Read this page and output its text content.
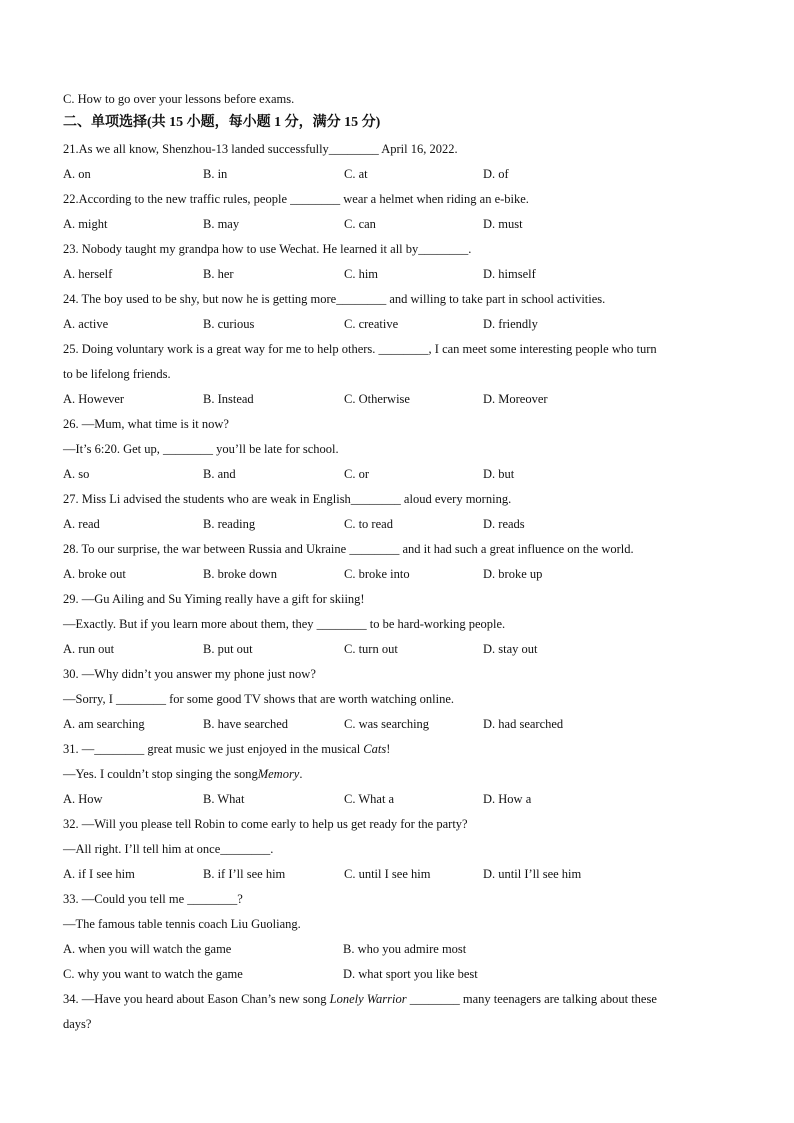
C. How to go over your lessons before exams.
二、单项选择(共 15 小题，每小题 1 分，满分 15 分)
21.As we all know, Shenzhou-13 landed successfully________ April 16, 2022.
A. on	B. in	C. at	D. of
22.According to the new traffic rules, people ________ wear a helmet when riding an e-bike.
A. might	B. may	C. can	D. must
23. Nobody taught my grandpa how to use Wechat. He learned it all by________.
A. herself	B. her	C. him	D. himself
24. The boy used to be shy, but now he is getting more________ and willing to take part in school activities.
A. active	B. curious	C. creative	D. friendly
25. Doing voluntary work is a great way for me to help others. ________, I can meet some interesting people who turn
to be lifelong friends.
A. However	B. Instead	C. Otherwise	D. Moreover
26. —Mum, what time is it now?
—It’s 6:20. Get up, ________ you’ll be late for school.
A. so	B. and	C. or	D. but
27. Miss Li advised the students who are weak in English________ aloud every morning.
A. read	B. reading	C. to read	D. reads
28. To our surprise, the war between Russia and Ukraine ________ and it had such a great influence on the world.
A. broke out	B. broke down	C. broke into	D. broke up
29. —Gu Ailing and Su Yiming really have a gift for skiing!
—Exactly. But if you learn more about them, they ________ to be hard-working people.
A. run out	B. put out	C. turn out	D. stay out
30. —Why didn’t you answer my phone just now?
—Sorry, I ________ for some good TV shows that are worth watching online.
A. am searching	B. have searched	C. was searching	D. had searched
31. —________ great music we just enjoyed in the musical Cats!
—Yes. I couldn’t stop singing the songMemory.
A. How	B. What	C. What a	D. How a
32. —Will you please tell Robin to come early to help us get ready for the party?
—All right. I’ll tell him at once________.
A. if I see him	B. if I’ll see him	C. until I see him	D. until I’ll see him
33. —Could you tell me ________?
—The famous table tennis coach Liu Guoliang.
A. when you will watch the game	B. who you admire most
C. why you want to watch the game	D. what sport you like best
34. —Have you heard about Eason Chan’s new song Lonely Warrior ________ many teenagers are talking about these
days?
